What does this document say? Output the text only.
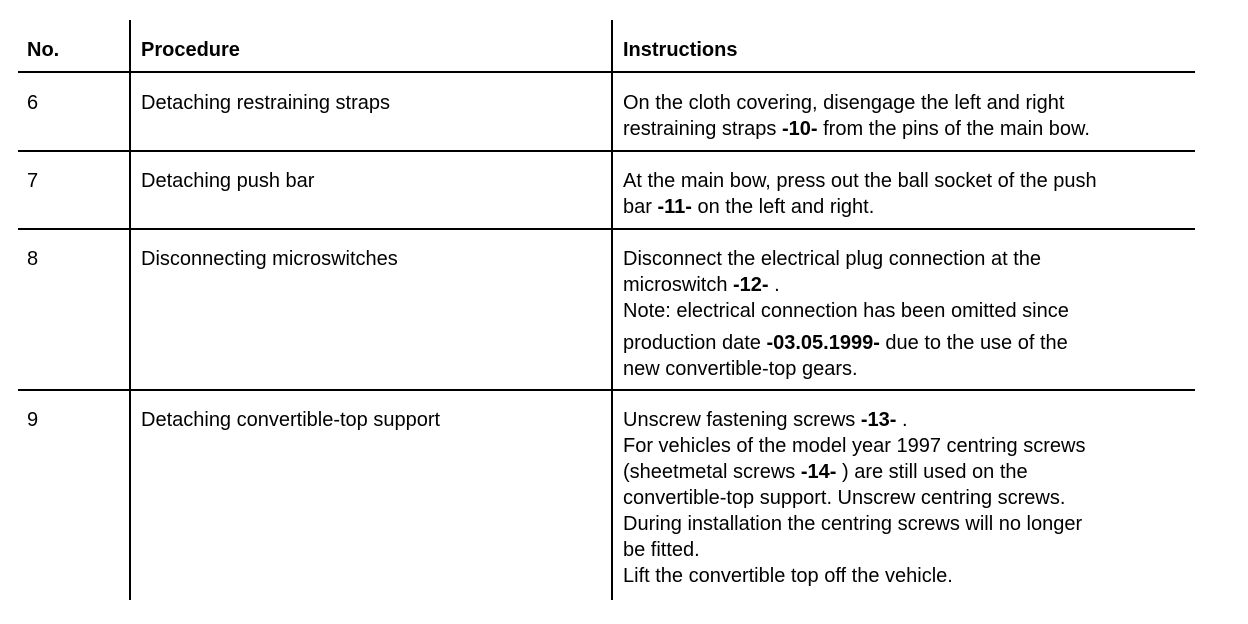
No.	Procedure	Instructions
6	Detaching restraining straps	On the cloth covering, disengage the left and right
restraining straps -10- from the pins of the main bow.
7	Detaching push bar	At the main bow, press out the ball socket of the push
bar -11- on the left and right.
8	Disconnecting microswitches	Disconnect the electrical plug connection at the
microswitch -12- .
Note: electrical connection has been omitted since
production date -03.05.1999- due to the use of the
new convertible-top gears.
9	Detaching convertible-top support	Unscrew fastening screws -13- .
For vehicles of the model year 1997 centring screws
(sheetmetal screws -14- ) are still used on the
convertible-top support. Unscrew centring screws.
During installation the centring screws will no longer
be fitted.
Lift the convertible top off the vehicle.
